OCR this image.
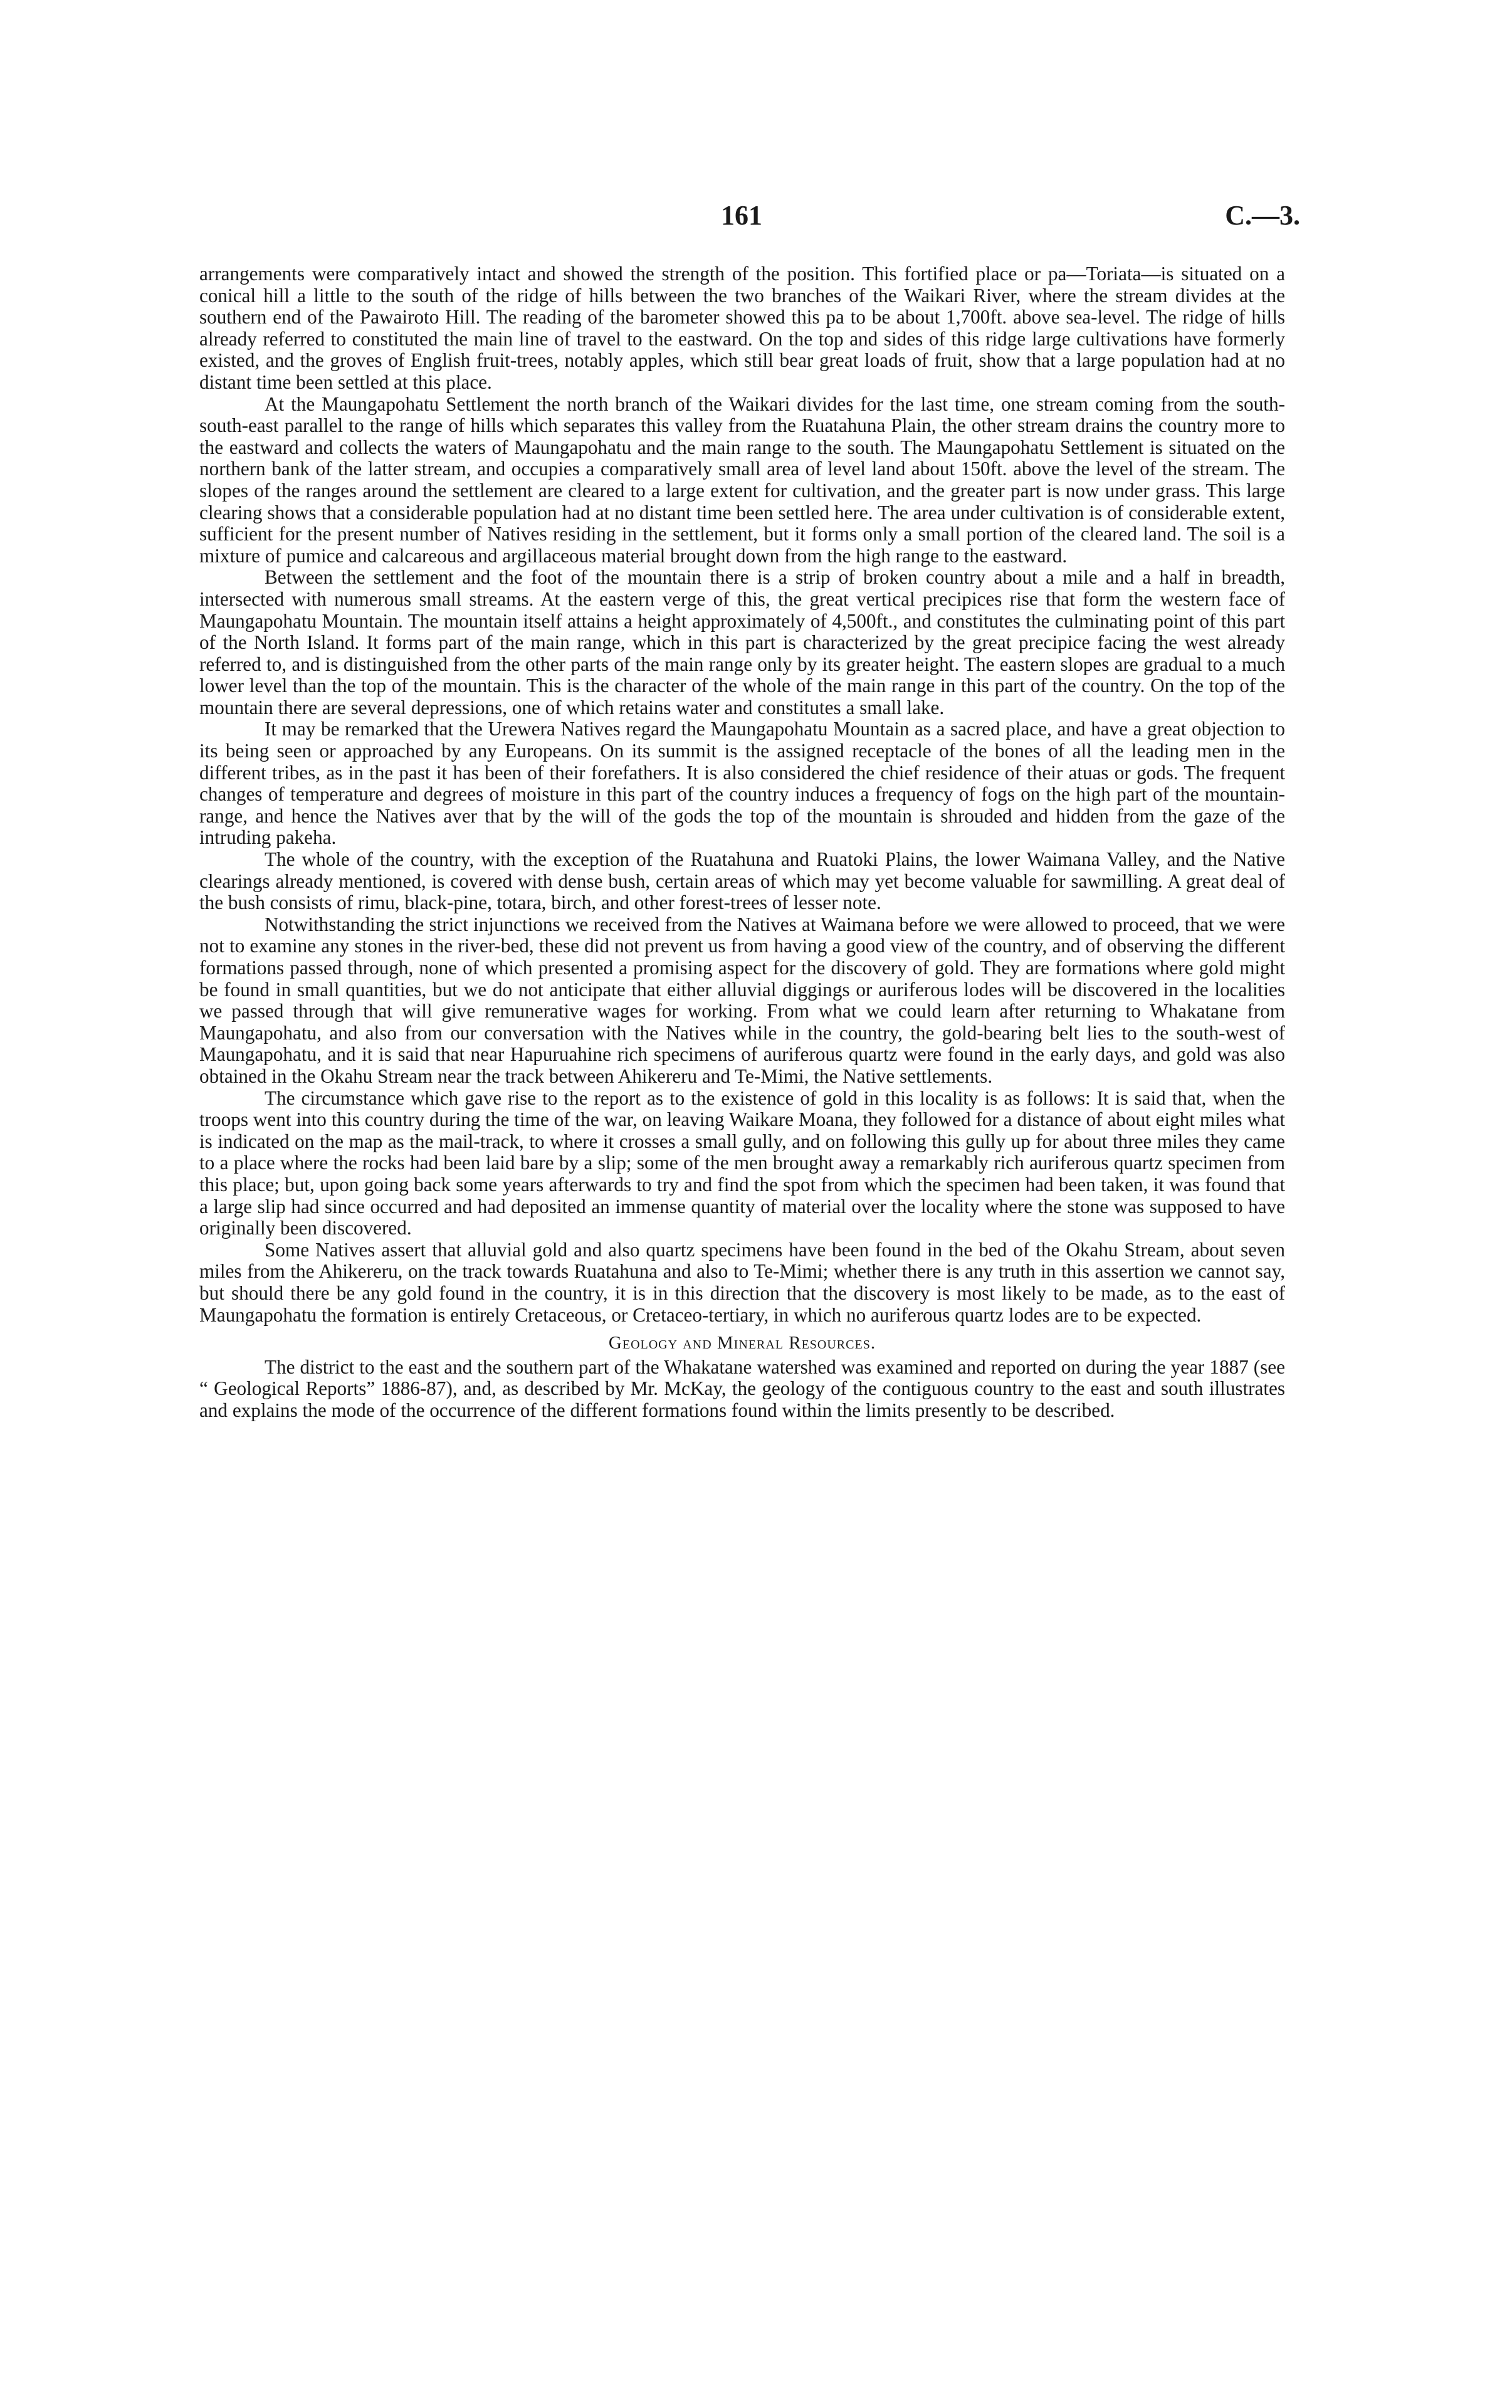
161	C.—3.

arrangements were comparatively intact and showed the strength of the position. This fortified place or pa—Toriata—is situated on a conical hill a little to the south of the ridge of hills between the two branches of the Waikari River, where the stream divides at the southern end of the Pawairoto Hill. The reading of the barometer showed this pa to be about 1,700ft. above sea-level. The ridge of hills already referred to constituted the main line of travel to the eastward. On the top and sides of this ridge large cultivations have formerly existed, and the groves of English fruit-trees, notably apples, which still bear great loads of fruit, show that a large population had at no distant time been settled at this place.

At the Maungapohatu Settlement the north branch of the Waikari divides for the last time, one stream coming from the south-south-east parallel to the range of hills which separates this valley from the Ruatahuna Plain, the other stream drains the country more to the eastward and collects the waters of Maungapohatu and the main range to the south. The Maungapohatu Settlement is situated on the northern bank of the latter stream, and occupies a comparatively small area of level land about 150ft. above the level of the stream. The slopes of the ranges around the settlement are cleared to a large extent for cultivation, and the greater part is now under grass. This large clearing shows that a considerable population had at no distant time been settled here. The area under cultivation is of considerable extent, sufficient for the present number of Natives residing in the settlement, but it forms only a small portion of the cleared land. The soil is a mixture of pumice and calcareous and argillaceous material brought down from the high range to the eastward.

Between the settlement and the foot of the mountain there is a strip of broken country about a mile and a half in breadth, intersected with numerous small streams. At the eastern verge of this, the great vertical precipices rise that form the western face of Maungapohatu Mountain. The mountain itself attains a height approximately of 4,500ft., and constitutes the culminating point of this part of the North Island. It forms part of the main range, which in this part is characterized by the great precipice facing the west already referred to, and is distinguished from the other parts of the main range only by its greater height. The eastern slopes are gradual to a much lower level than the top of the mountain. This is the character of the whole of the main range in this part of the country. On the top of the mountain there are several depressions, one of which retains water and constitutes a small lake.

It may be remarked that the Urewera Natives regard the Maungapohatu Mountain as a sacred place, and have a great objection to its being seen or approached by any Europeans. On its summit is the assigned receptacle of the bones of all the leading men in the different tribes, as in the past it has been of their forefathers. It is also considered the chief residence of their atuas or gods. The frequent changes of temperature and degrees of moisture in this part of the country induces a frequency of fogs on the high part of the mountain-range, and hence the Natives aver that by the will of the gods the top of the mountain is shrouded and hidden from the gaze of the intruding pakeha.

The whole of the country, with the exception of the Ruatahuna and Ruatoki Plains, the lower Waimana Valley, and the Native clearings already mentioned, is covered with dense bush, certain areas of which may yet become valuable for sawmilling. A great deal of the bush consists of rimu, black-pine, totara, birch, and other forest-trees of lesser note.

Notwithstanding the strict injunctions we received from the Natives at Waimana before we were allowed to proceed, that we were not to examine any stones in the river-bed, these did not prevent us from having a good view of the country, and of observing the different formations passed through, none of which presented a promising aspect for the discovery of gold. They are formations where gold might be found in small quantities, but we do not anticipate that either alluvial diggings or auriferous lodes will be discovered in the localities we passed through that will give remunerative wages for working. From what we could learn after returning to Whakatane from Maungapohatu, and also from our conversation with the Natives while in the country, the gold-bearing belt lies to the south-west of Maungapohatu, and it is said that near Hapuruahine rich specimens of auriferous quartz were found in the early days, and gold was also obtained in the Okahu Stream near the track between Ahikereru and Te-Mimi, the Native settlements.

The circumstance which gave rise to the report as to the existence of gold in this locality is as follows: It is said that, when the troops went into this country during the time of the war, on leaving Waikare Moana, they followed for a distance of about eight miles what is indicated on the map as the mail-track, to where it crosses a small gully, and on following this gully up for about three miles they came to a place where the rocks had been laid bare by a slip; some of the men brought away a remarkably rich auriferous quartz specimen from this place; but, upon going back some years afterwards to try and find the spot from which the specimen had been taken, it was found that a large slip had since occurred and had deposited an immense quantity of material over the locality where the stone was supposed to have originally been discovered.

Some Natives assert that alluvial gold and also quartz specimens have been found in the bed of the Okahu Stream, about seven miles from the Ahikereru, on the track towards Ruatahuna and also to Te-Mimi; whether there is any truth in this assertion we cannot say, but should there be any gold found in the country, it is in this direction that the discovery is most likely to be made, as to the east of Maungapohatu the formation is entirely Cretaceous, or Cretaceo-tertiary, in which no auriferous quartz lodes are to be expected.

Geology and Mineral Resources.

The district to the east and the southern part of the Whakatane watershed was examined and reported on during the year 1887 (see “ Geological Reports” 1886-87), and, as described by Mr. McKay, the geology of the contiguous country to the east and south illustrates and explains the mode of the occurrence of the different formations found within the limits presently to be described.
